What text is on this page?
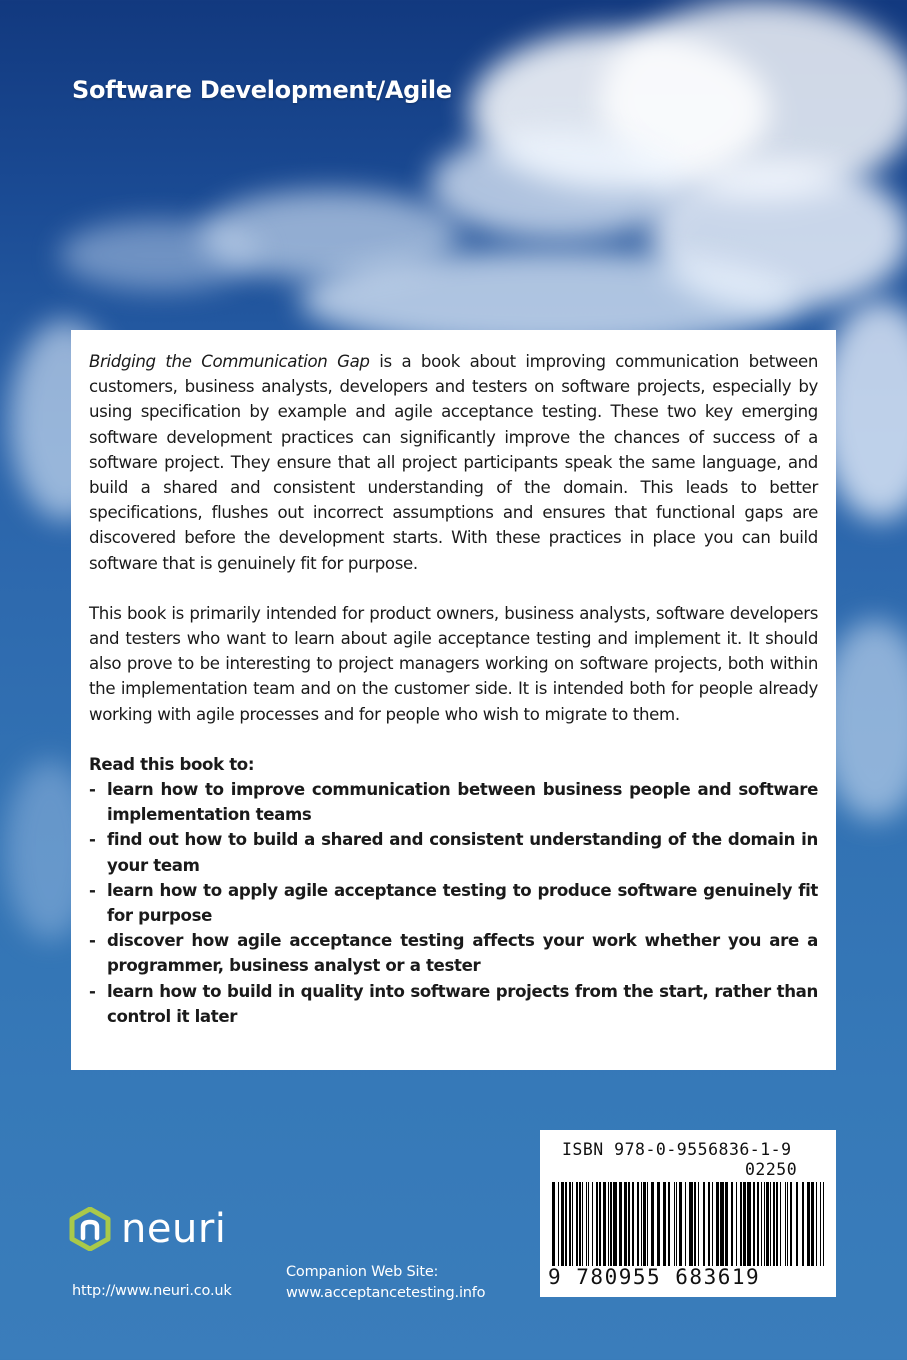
Software Development/Agile

Bridging the Communication Gap is a book about improving communication between customers, business analysts, developers and testers on software projects, especially by using specification by example and agile acceptance testing. These two key emerging software development practices can significantly improve the chances of success of a software project. They ensure that all project participants speak the same language, and build a shared and consistent understanding of the domain. This leads to better specifications, flushes out incorrect assumptions and ensures that functional gaps are discovered before the development starts. With these practices in place you can build software that is genuinely fit for purpose.

This book is primarily intended for product owners, business analysts, software developers and testers who want to learn about agile acceptance testing and implement it. It should also prove to be interesting to project managers working on software projects, both within the implementation team and on the customer side. It is intended both for people already working with agile processes and for people who wish to migrate to them.

Read this book to:
- learn how to improve communication between business people and software implementation teams
- find out how to build a shared and consistent understanding of the domain in your team
- learn how to apply agile acceptance testing to produce software genuinely fit for purpose
- discover how agile acceptance testing affects your work whether you are a programmer, business analyst or a tester
- learn how to build in quality into software projects from the start, rather than control it later
ISBN 978-0-9556836-1-9
02250
9 780955 683619
neuri
http://www.neuri.co.uk
Companion Web Site:
www.acceptancetesting.info
